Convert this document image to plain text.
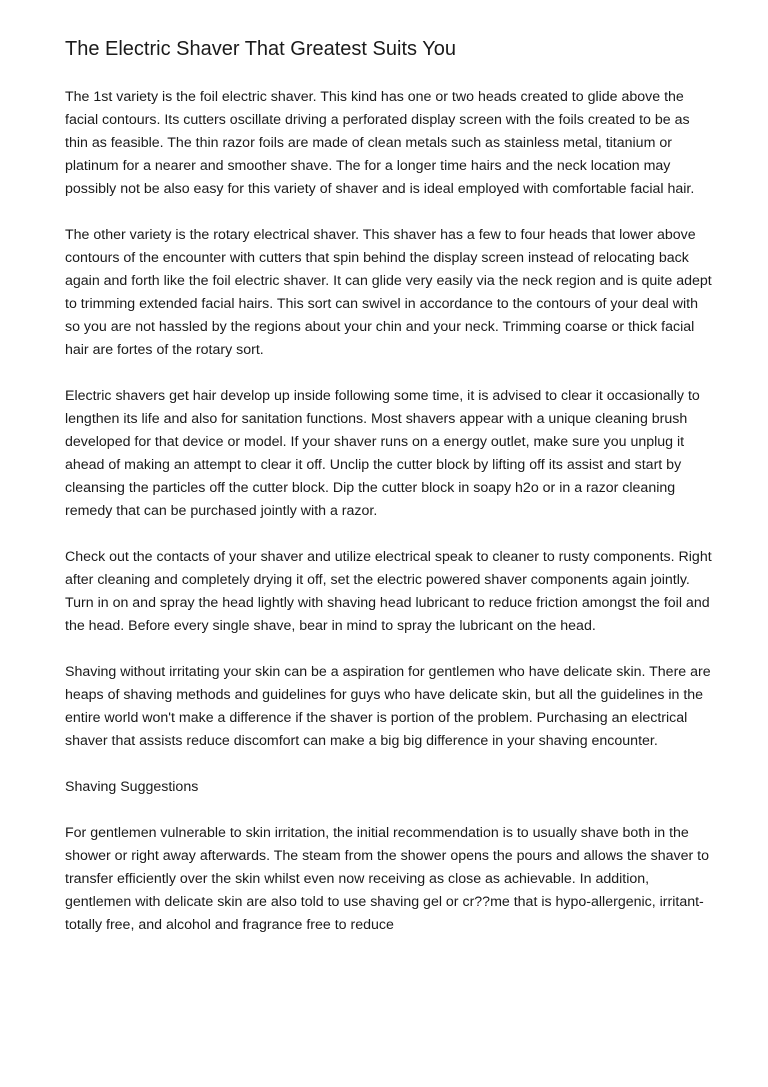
The Electric Shaver That Greatest Suits You

The 1st variety is the foil electric shaver. This kind has one or two heads created to glide above the facial contours. Its cutters oscillate driving a perforated display screen with the foils created to be as thin as feasible. The thin razor foils are made of clean metals such as stainless metal, titanium or platinum for a nearer and smoother shave. The for a longer time hairs and the neck location may possibly not be also easy for this variety of shaver and is ideal employed with comfortable facial hair.

The other variety is the rotary electrical shaver. This shaver has a few to four heads that lower above contours of the encounter with cutters that spin behind the display screen instead of relocating back again and forth like the foil electric shaver. It can glide very easily via the neck region and is quite adept to trimming extended facial hairs. This sort can swivel in accordance to the contours of your deal with so you are not hassled by the regions about your chin and your neck. Trimming coarse or thick facial hair are fortes of the rotary sort.

Electric shavers get hair develop up inside following some time, it is advised to clear it occasionally to lengthen its life and also for sanitation functions. Most shavers appear with a unique cleaning brush developed for that device or model. If your shaver runs on a energy outlet, make sure you unplug it ahead of making an attempt to clear it off. Unclip the cutter block by lifting off its assist and start by cleansing the particles off the cutter block. Dip the cutter block in soapy h2o or in a razor cleaning remedy that can be purchased jointly with a razor.

Check out the contacts of your shaver and utilize electrical speak to cleaner to rusty components. Right after cleaning and completely drying it off, set the electric powered shaver components again jointly. Turn in on and spray the head lightly with shaving head lubricant to reduce friction amongst the foil and the head. Before every single shave, bear in mind to spray the lubricant on the head.

Shaving without irritating your skin can be a aspiration for gentlemen who have delicate skin. There are heaps of shaving methods and guidelines for guys who have delicate skin, but all the guidelines in the entire world won't make a difference if the shaver is portion of the problem. Purchasing an electrical shaver that assists reduce discomfort can make a big big difference in your shaving encounter.

Shaving Suggestions

For gentlemen vulnerable to skin irritation, the initial recommendation is to usually shave both in the shower or right away afterwards. The steam from the shower opens the pours and allows the shaver to transfer efficiently over the skin whilst even now receiving as close as achievable. In addition, gentlemen with delicate skin are also told to use shaving gel or cr??me that is hypo-allergenic, irritant-totally free, and alcohol and fragrance free to reduce
